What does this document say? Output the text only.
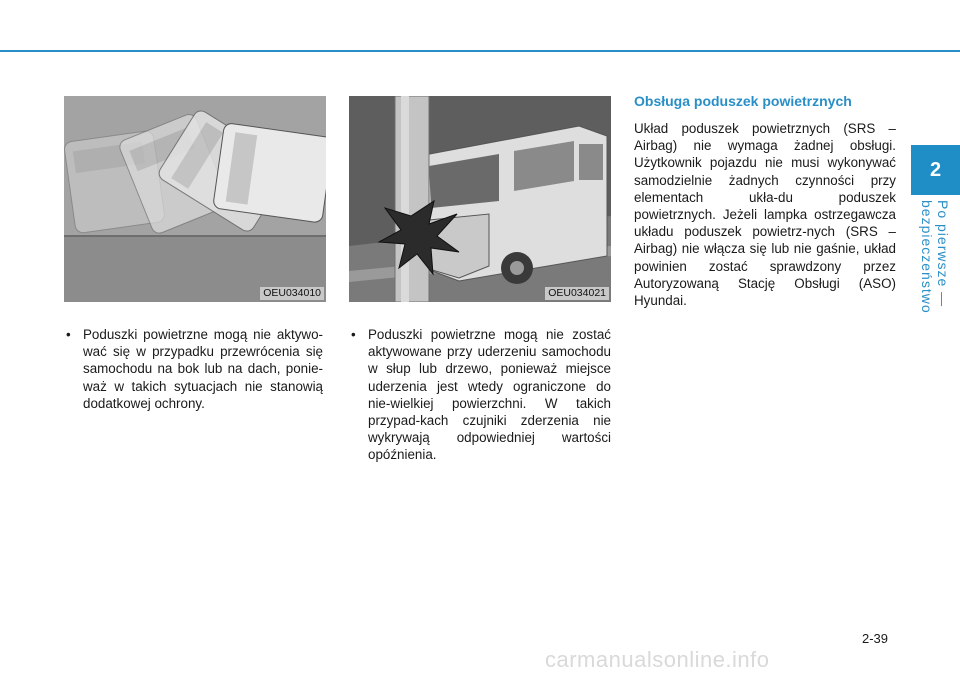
2
Po pierwsze — bezpieczeństwo
OEU034010	OEU034021
• Poduszki powietrzne mogą nie aktywo-wać się w przypadku przewrócenia się samochodu na bok lub na dach, ponie-waż w takich sytuacjach nie stanowią dodatkowej ochrony.
• Poduszki powietrzne mogą nie zostać aktywowane przy uderzeniu samochodu w słup lub drzewo, ponieważ miejsce uderzenia jest wtedy ograniczone do nie-wielkiej powierzchni. W takich przypad-kach czujniki zderzenia nie wykrywają odpowiedniej wartości opóźnienia.
Obsługa poduszek powietrznych
Układ poduszek powietrznych (SRS – Airbag) nie wymaga żadnej obsługi. Użytkownik pojazdu nie musi wykonywać samodzielnie żadnych czynności przy elementach ukła-du poduszek powietrznych. Jeżeli lampka ostrzegawcza układu poduszek powietrz-nych (SRS – Airbag) nie włącza się lub nie gaśnie, układ powinien zostać sprawdzony przez Autoryzowaną Stację Obsługi (ASO) Hyundai.
2-39
carmanualsonline.info
